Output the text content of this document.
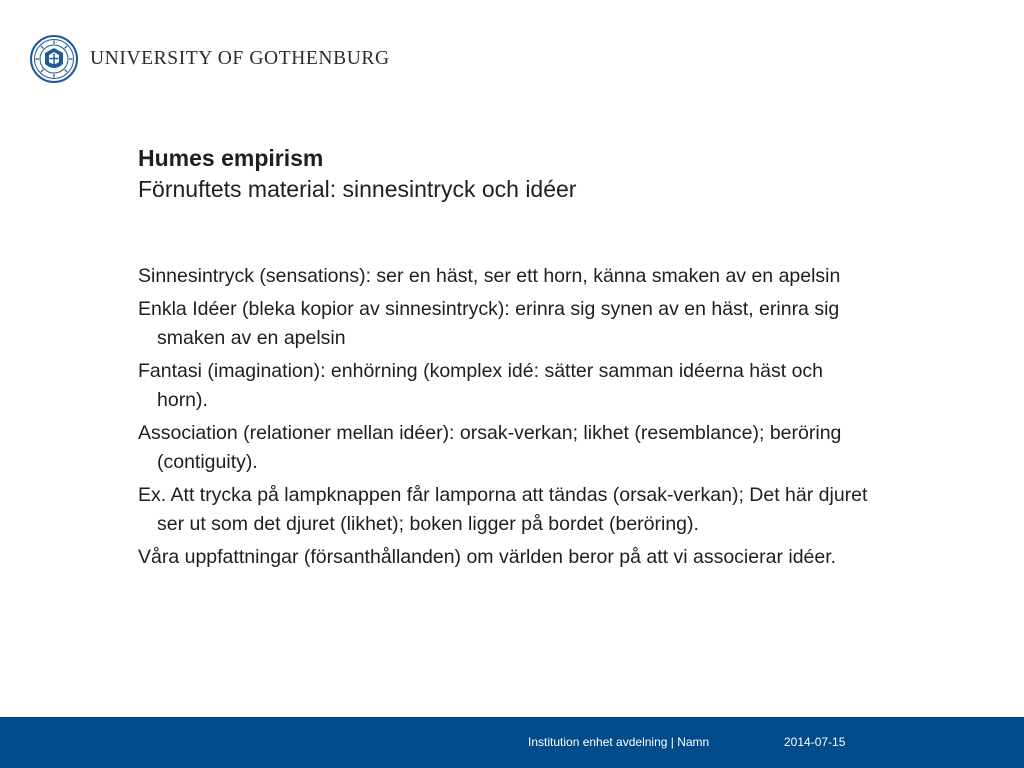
UNIVERSITY OF GOTHENBURG
Humes empirism
Förnuftets material: sinnesintryck och idéer

Sinnesintryck (sensations): ser en häst, ser ett horn, känna smaken av en apelsin

Enkla Idéer (bleka kopior av sinnesintryck): erinra sig synen av en häst, erinra sig smaken av en apelsin

Fantasi (imagination): enhörning (komplex idé: sätter samman idéerna häst och horn).

Association (relationer mellan idéer): orsak-verkan; likhet (resemblance); beröring (contiguity).

Ex. Att trycka på lampknappen får lamporna att tändas (orsak-verkan); Det här djuret ser ut som det djuret (likhet); boken ligger på bordet (beröring).

Våra uppfattningar (försanthållanden) om världen beror på att vi associerar idéer.

Institution enhet avdelning | Namn	2014-07-15
